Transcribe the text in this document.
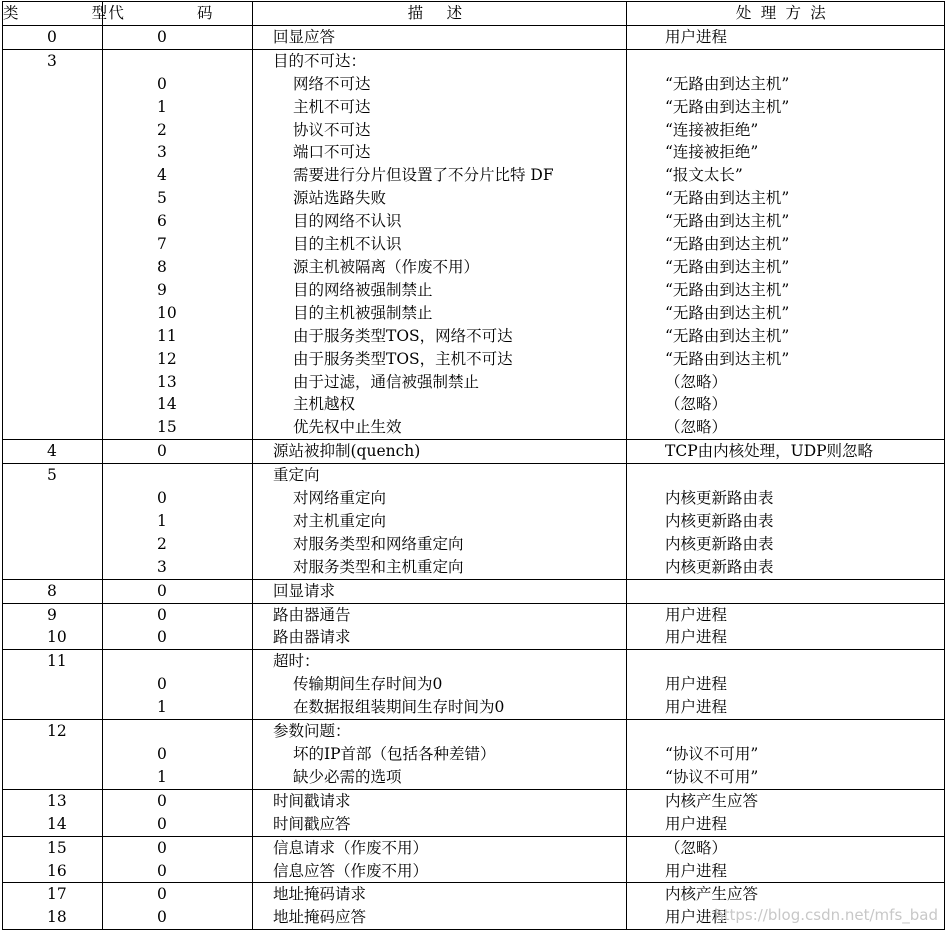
类 型	代 码	描 述	处理方法
0	0	回显应答	用户进程
3		目的不可达：	
	0	网络不可达	“无路由到达主机”
	1	主机不可达	“无路由到达主机”
	2	协议不可达	“连接被拒绝”
	3	端口不可达	“连接被拒绝”
	4	需要进行分片但设置了不分片比特 DF	“报文太长”
	5	源站选路失败	“无路由到达主机”
	6	目的网络不认识	“无路由到达主机”
	7	目的主机不认识	“无路由到达主机”
	8	源主机被隔离（作废不用）	“无路由到达主机”
	9	目的网络被强制禁止	“无路由到达主机”
	10	目的主机被强制禁止	“无路由到达主机”
	11	由于服务类型TOS，网络不可达	“无路由到达主机”
	12	由于服务类型TOS，主机不可达	“无路由到达主机”
	13	由于过滤，通信被强制禁止	（忽略）
	14	主机越权	（忽略）
	15	优先权中止生效	（忽略）
4	0	源站被抑制(quench)	TCP由内核处理，UDP则忽略
5		重定向	
	0	对网络重定向	内核更新路由表
	1	对主机重定向	内核更新路由表
	2	对服务类型和网络重定向	内核更新路由表
	3	对服务类型和主机重定向	内核更新路由表
8	0	回显请求	
9	0	路由器通告	用户进程
10	0	路由器请求	用户进程
11		超时：	
	0	传输期间生存时间为0	用户进程
	1	在数据报组装期间生存时间为0	用户进程
12		参数问题：	
	0	坏的IP首部（包括各种差错）	“协议不可用”
	1	缺少必需的选项	“协议不可用”
13	0	时间戳请求	内核产生应答
14	0	时间戳应答	用户进程
15	0	信息请求（作废不用）	（忽略）
16	0	信息应答（作废不用）	用户进程
17	0	地址掩码请求	内核产生应答
18	0	地址掩码应答	用户进程
https://blog.csdn.net/mfs_bad
